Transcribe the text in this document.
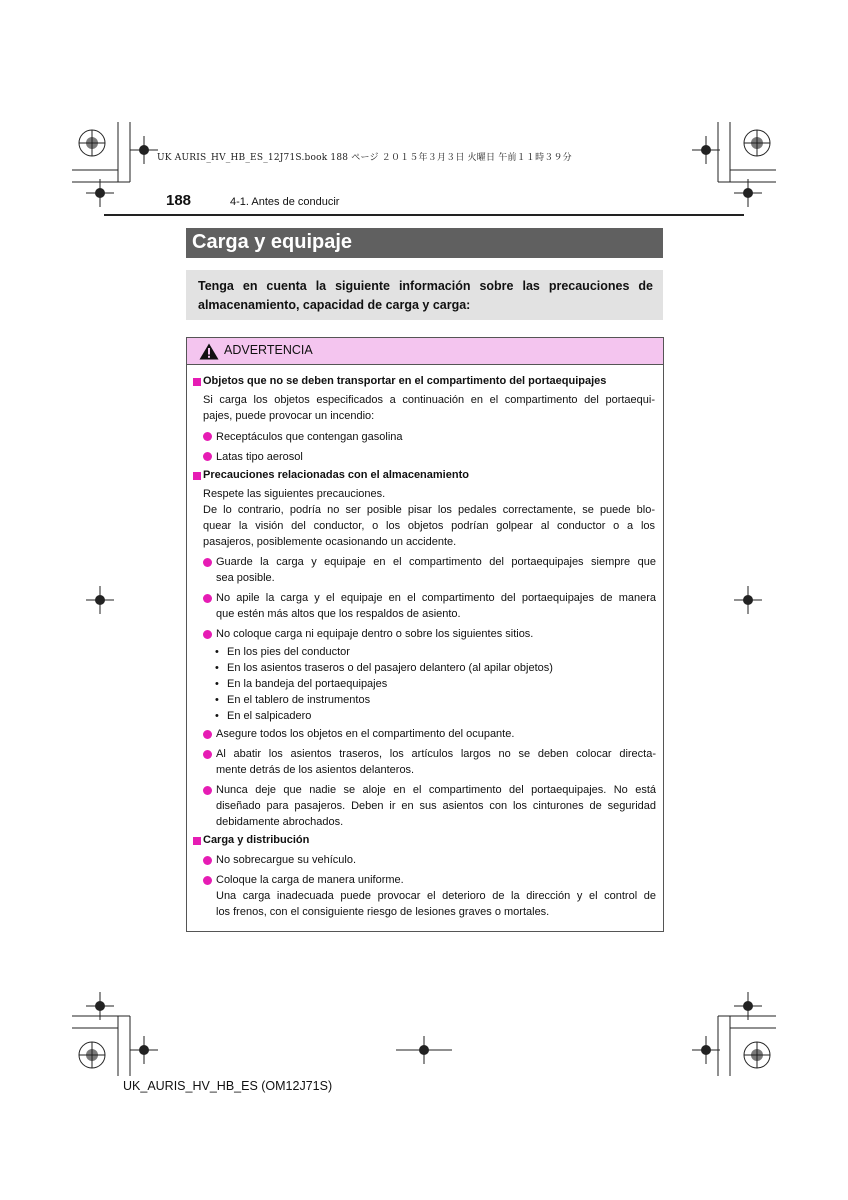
UK AURIS_HV_HB_ES_12J71S.book 188 ページ ２０１５年３月３日 火曜日 午前１１時３９分
188	4-1. Antes de conducir
Carga y equipaje
Tenga en cuenta la siguiente información sobre las precauciones de almacenamiento, capacidad de carga y carga:
ADVERTENCIA
Objetos que no se deben transportar en el compartimento del portaequipajes
Si carga los objetos especificados a continuación en el compartimento del portaequi-
pajes, puede provocar un incendio:
Receptáculos que contengan gasolina
Latas tipo aerosol
Precauciones relacionadas con el almacenamiento
Respete las siguientes precauciones.
De lo contrario, podría no ser posible pisar los pedales correctamente, se puede blo-
quear la visión del conductor, o los objetos podrían golpear al conductor o a los
pasajeros, posiblemente ocasionando un accidente.
Guarde la carga y equipaje en el compartimento del portaequipajes siempre que
sea posible.
No apile la carga y el equipaje en el compartimento del portaequipajes de manera
que estén más altos que los respaldos de asiento.
No coloque carga ni equipaje dentro o sobre los siguientes sitios.
• En los pies del conductor
• En los asientos traseros o del pasajero delantero (al apilar objetos)
• En la bandeja del portaequipajes
• En el tablero de instrumentos
• En el salpicadero
Asegure todos los objetos en el compartimento del ocupante.
Al abatir los asientos traseros, los artículos largos no se deben colocar directa-
mente detrás de los asientos delanteros.
Nunca deje que nadie se aloje en el compartimento del portaequipajes. No está
diseñado para pasajeros. Deben ir en sus asientos con los cinturones de seguridad
debidamente abrochados.
Carga y distribución
No sobrecargue su vehículo.
Coloque la carga de manera uniforme.
Una carga inadecuada puede provocar el deterioro de la dirección y el control de
los frenos, con el consiguiente riesgo de lesiones graves o mortales.
UK_AURIS_HV_HB_ES (OM12J71S)
